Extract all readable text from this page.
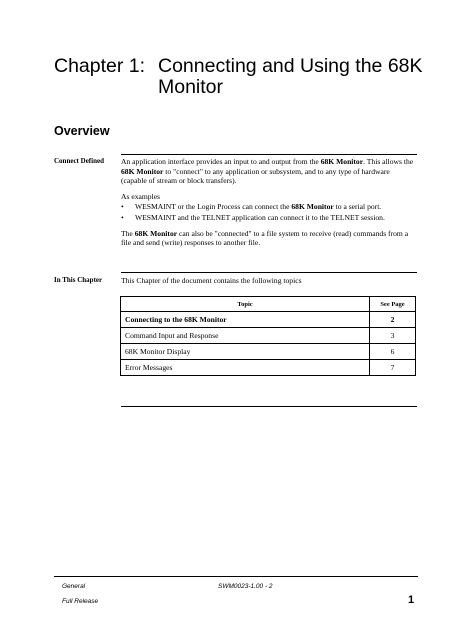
Chapter 1: Connecting and Using the 68K
Monitor
Overview
Connect Defined An application interface provides an input to and output from the 68K Monitor. This allows the 68K Monitor to "connect" to any application or subsystem, and to any type of hardware (capable of stream or block transfers).

As examples

• WESMAINT or the Login Process can connect the 68K Monitor to a serial port.
• WESMAINT and the TELNET application can connect it to the TELNET session.

The 68K Monitor can also be "connected" to a file system to receive (read) commands from a file and send (write) responses to another file.

In This Chapter This Chapter of the document contains the following topics
Topic	See Page
Connecting to the 68K Monitor	2
Command Input and Response	3
68K Monitor Display	6
Error Messages	7
General
Full Release
SWM0023-1.00 - 2
1
